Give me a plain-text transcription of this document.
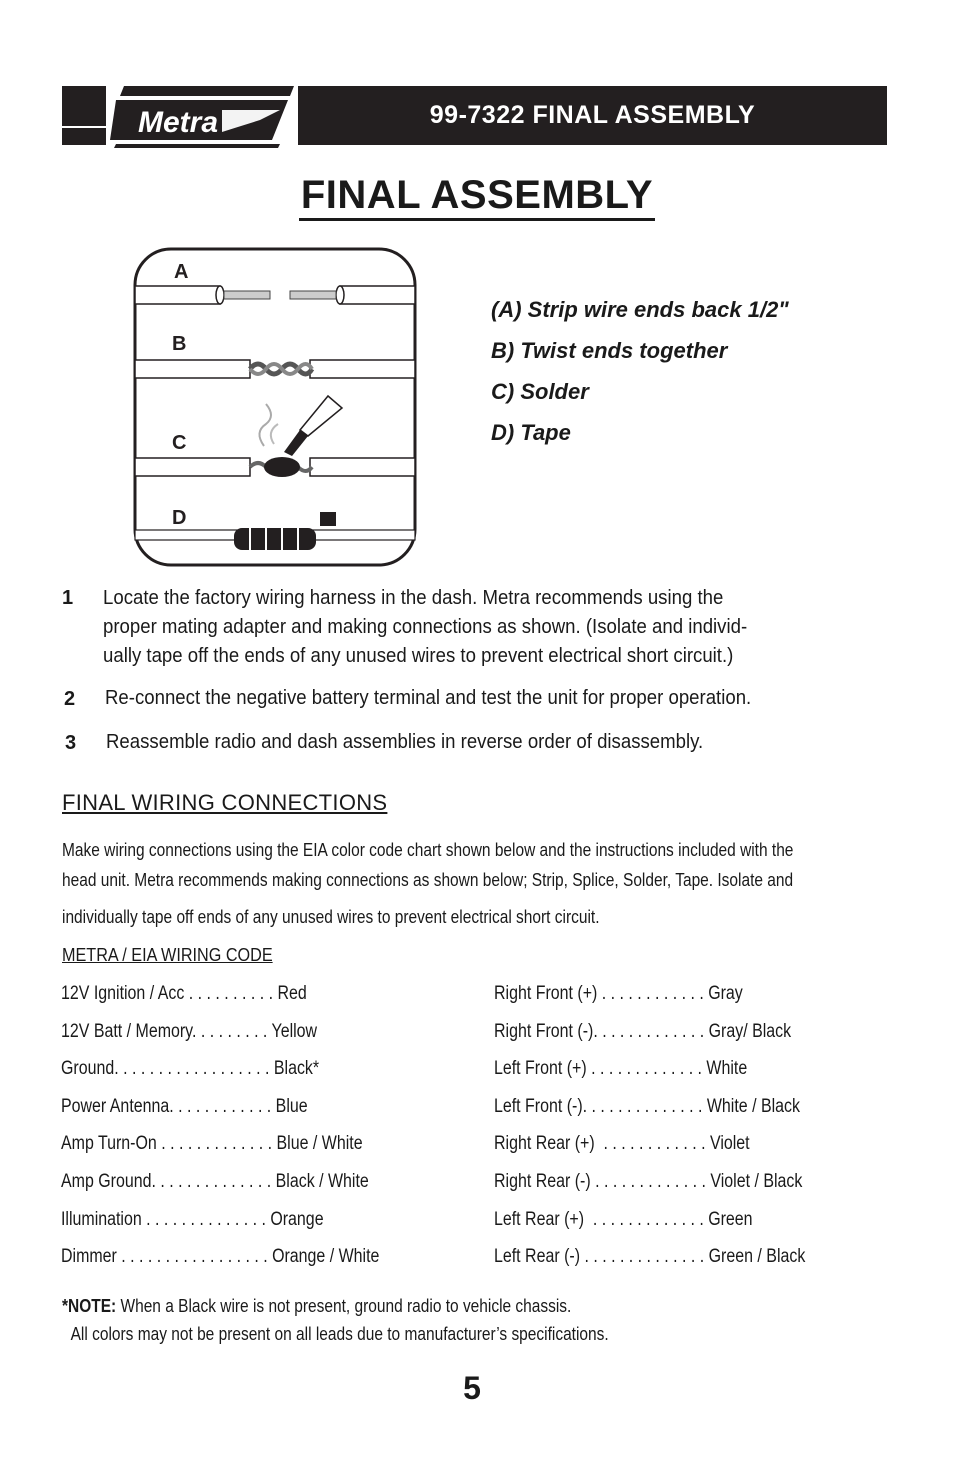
Metra	99-7322 FINAL ASSEMBLY
FINAL ASSEMBLY
A
B
C
D
(A) Strip wire ends back 1/2"
B) Twist ends together
C) Solder
D) Tape
1 Locate the factory wiring harness in the dash. Metra recommends using the
proper mating adapter and making connections as shown. (Isolate and individ-
ually tape off the ends of any unused wires to prevent electrical short circuit.)
2 Re-connect the negative battery terminal and test the unit for proper operation.
3 Reassemble radio and dash assemblies in reverse order of disassembly.
FINAL WIRING CONNECTIONS
Make wiring connections using the EIA color code chart shown below and the instructions included with the
head unit. Metra recommends making connections as shown below; Strip, Splice, Solder, Tape. Isolate and
individually tape off ends of any unused wires to prevent electrical short circuit.
METRA / EIA WIRING CODE
12V Ignition / Acc . . . . . . . . . . Red
12V Batt / Memory. . . . . . . . . Yellow
Ground. . . . . . . . . . . . . . . . . . Black*
Power Antenna. . . . . . . . . . . . Blue
Amp Turn-On . . . . . . . . . . . . . Blue / White
Amp Ground. . . . . . . . . . . . . . Black / White
Illumination . . . . . . . . . . . . . . Orange
Dimmer . . . . . . . . . . . . . . . . . Orange / White
Right Front (+) . . . . . . . . . . . . Gray
Right Front (-). . . . . . . . . . . . . Gray/ Black
Left Front (+) . . . . . . . . . . . . . White
Left Front (-). . . . . . . . . . . . . . White / Black
Right Rear (+)  . . . . . . . . . . . . Violet
Right Rear (-) . . . . . . . . . . . . . Violet / Black
Left Rear (+)  . . . . . . . . . . . . . Green
Left Rear (-) . . . . . . . . . . . . . . Green / Black
*NOTE: When a Black wire is not present, ground radio to vehicle chassis.
All colors may not be present on all leads due to manufacturer’s specifications.
5
